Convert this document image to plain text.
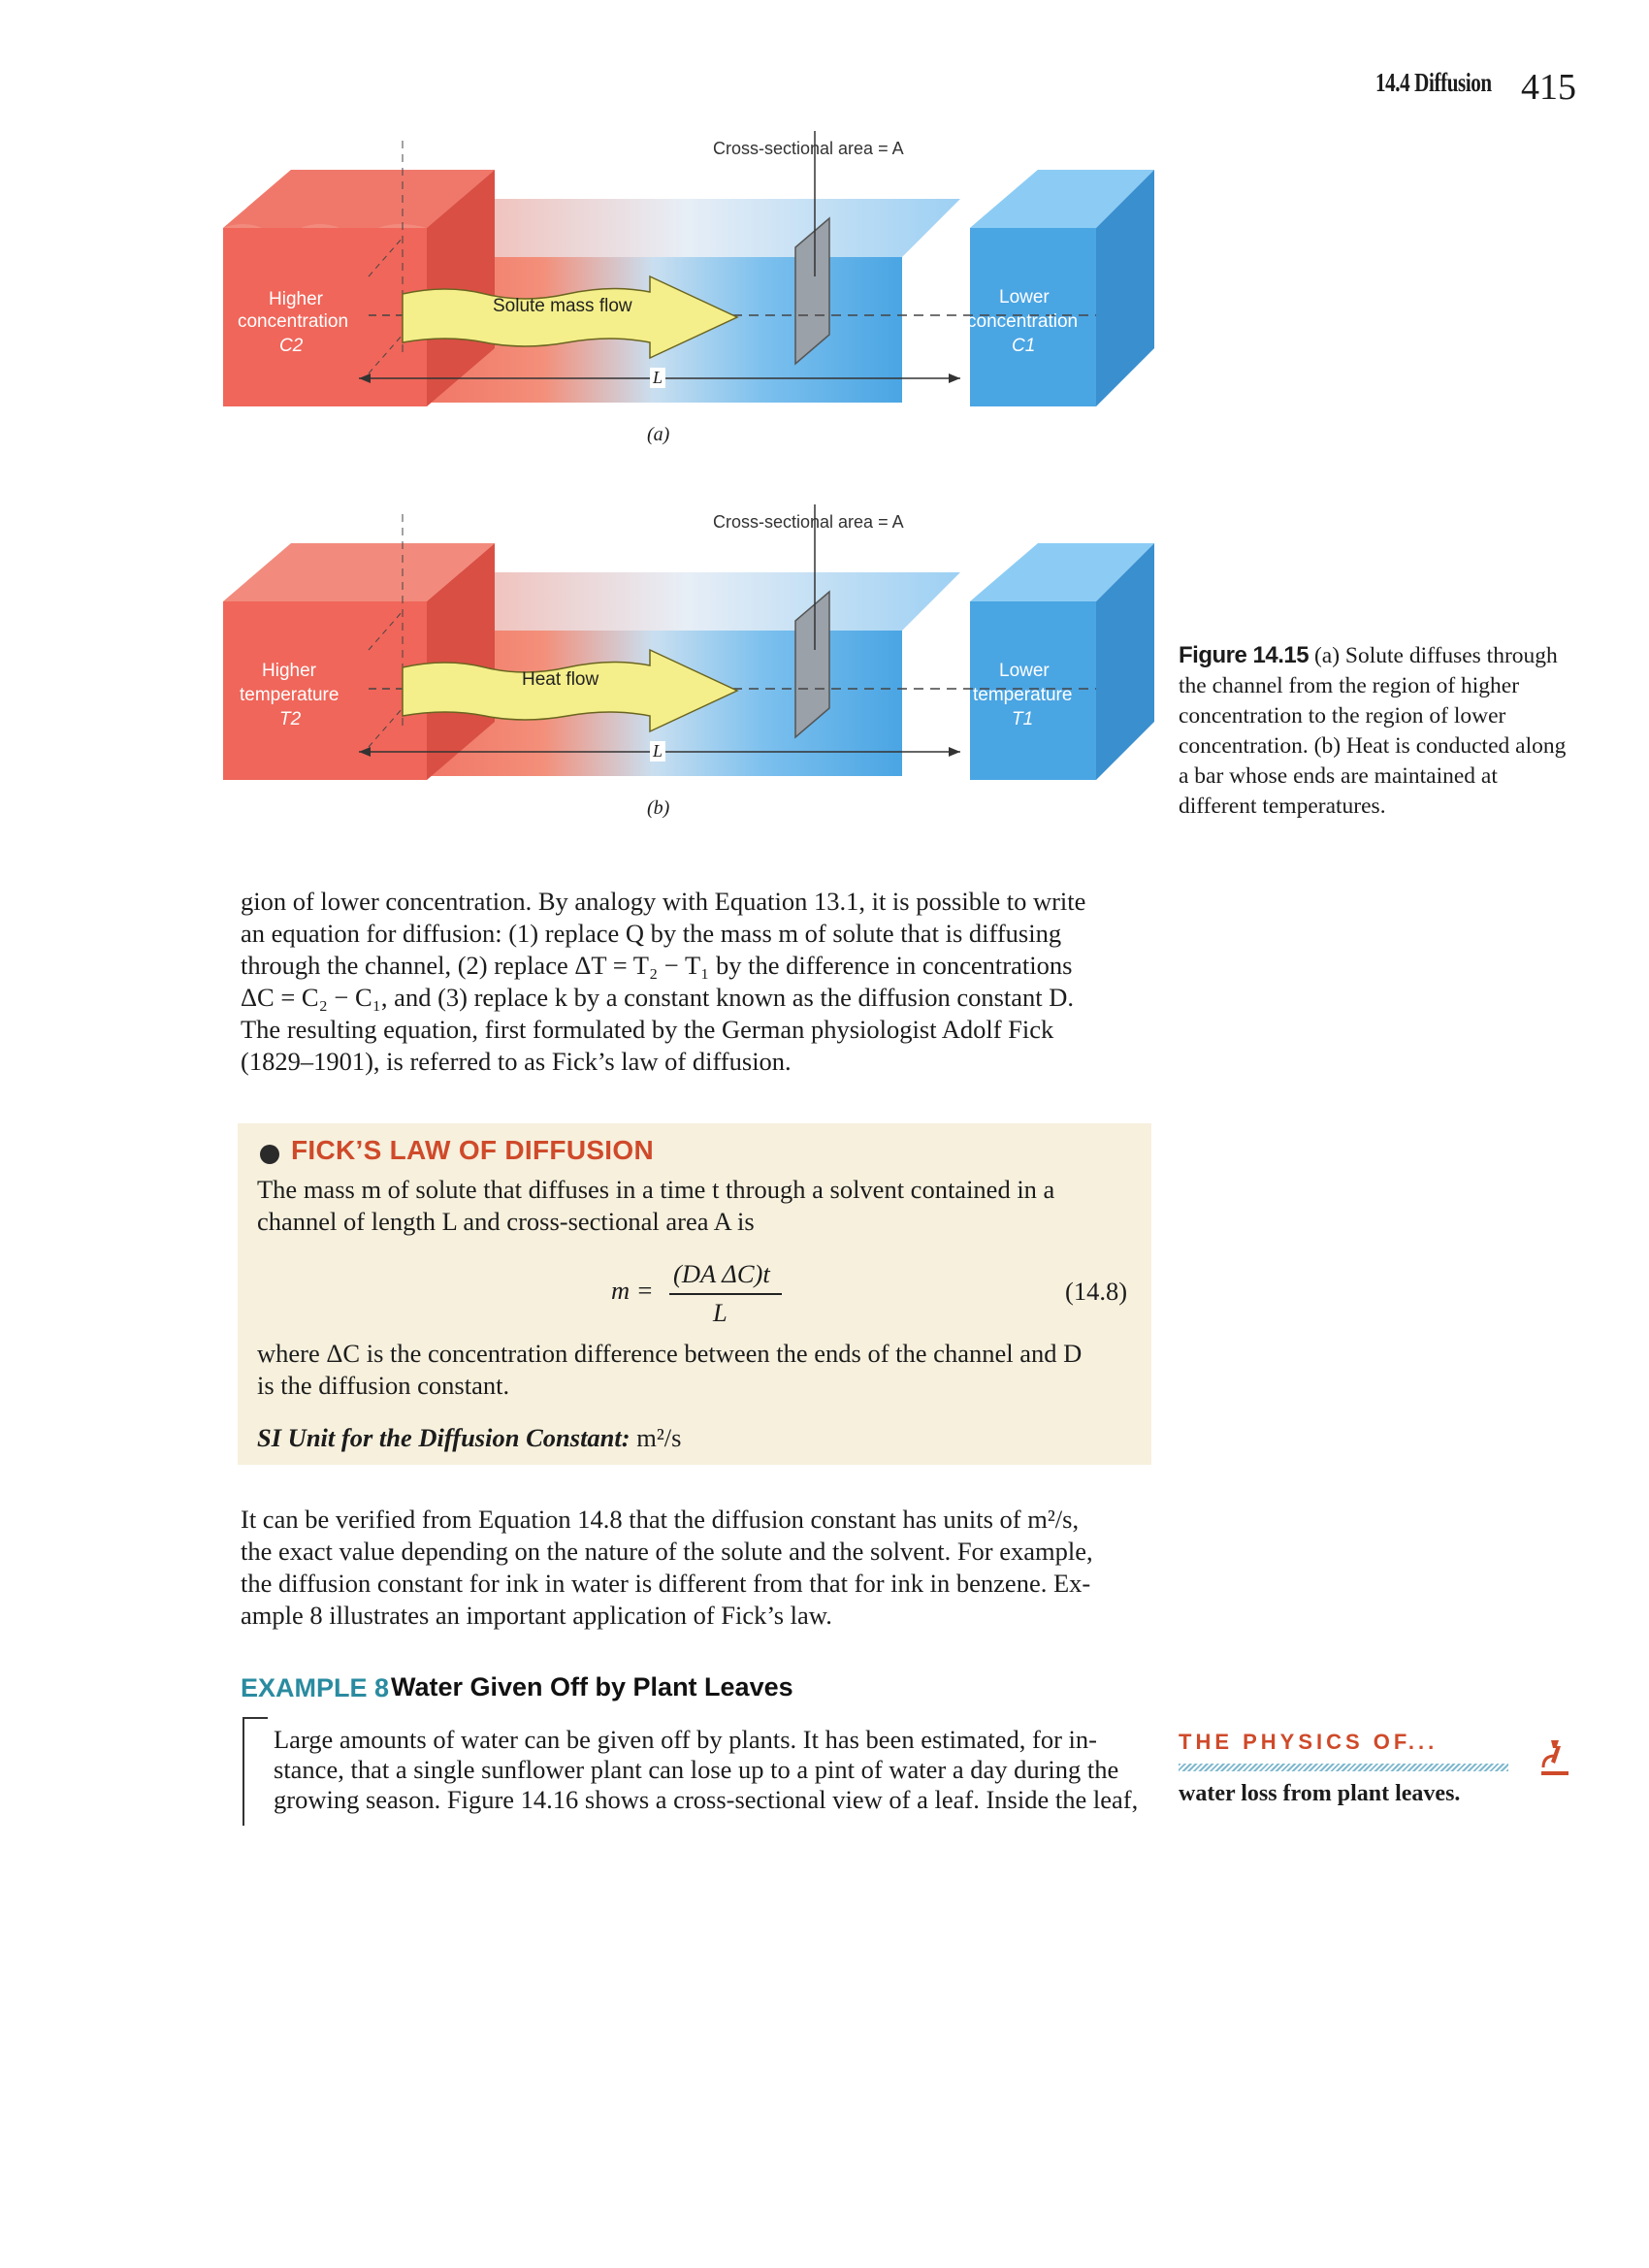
14.4 Diffusion 415
Cross-sectional area = A
Higher
concentration
C2
Lower
concentration
C1
Solute mass flow
L
(a)
Cross-sectional area = A
Higher
temperature
T2
Lower
temperature
T1
Heat flow
L
(b)
Figure 14.15 (a) Solute diffuses through the channel from the region of higher concentration to the region of lower concentration. (b) Heat is conducted along a bar whose ends are maintained at different temperatures.
gion of lower concentration. By analogy with Equation 13.1, it is possible to write
an equation for diffusion: (1) replace Q by the mass m of solute that is diffusing
through the channel, (2) replace ΔT = T₂ − T₁ by the difference in concentrations
ΔC = C₂ − C₁, and (3) replace k by a constant known as the diffusion constant D.
The resulting equation, first formulated by the German physiologist Adolf Fick
(1829–1901), is referred to as Fick’s law of diffusion.
FICK’S LAW OF DIFFUSION
The mass m of solute that diffuses in a time t through a solvent contained in a
channel of length L and cross-sectional area A is
m =
(DA ΔC)t
L
(14.8)
where ΔC is the concentration difference between the ends of the channel and D
is the diffusion constant.
SI Unit for the Diffusion Constant: m²/s
It can be verified from Equation 14.8 that the diffusion constant has units of m²/s,
the exact value depending on the nature of the solute and the solvent. For example,
the diffusion constant for ink in water is different from that for ink in benzene. Ex-
ample 8 illustrates an important application of Fick’s law.
EXAMPLE 8 Water Given Off by Plant Leaves
Large amounts of water can be given off by plants. It has been estimated, for in-
stance, that a single sunflower plant can lose up to a pint of water a day during the
growing season. Figure 14.16 shows a cross-sectional view of a leaf. Inside the leaf,
THE PHYSICS OF...
water loss from plant leaves.
